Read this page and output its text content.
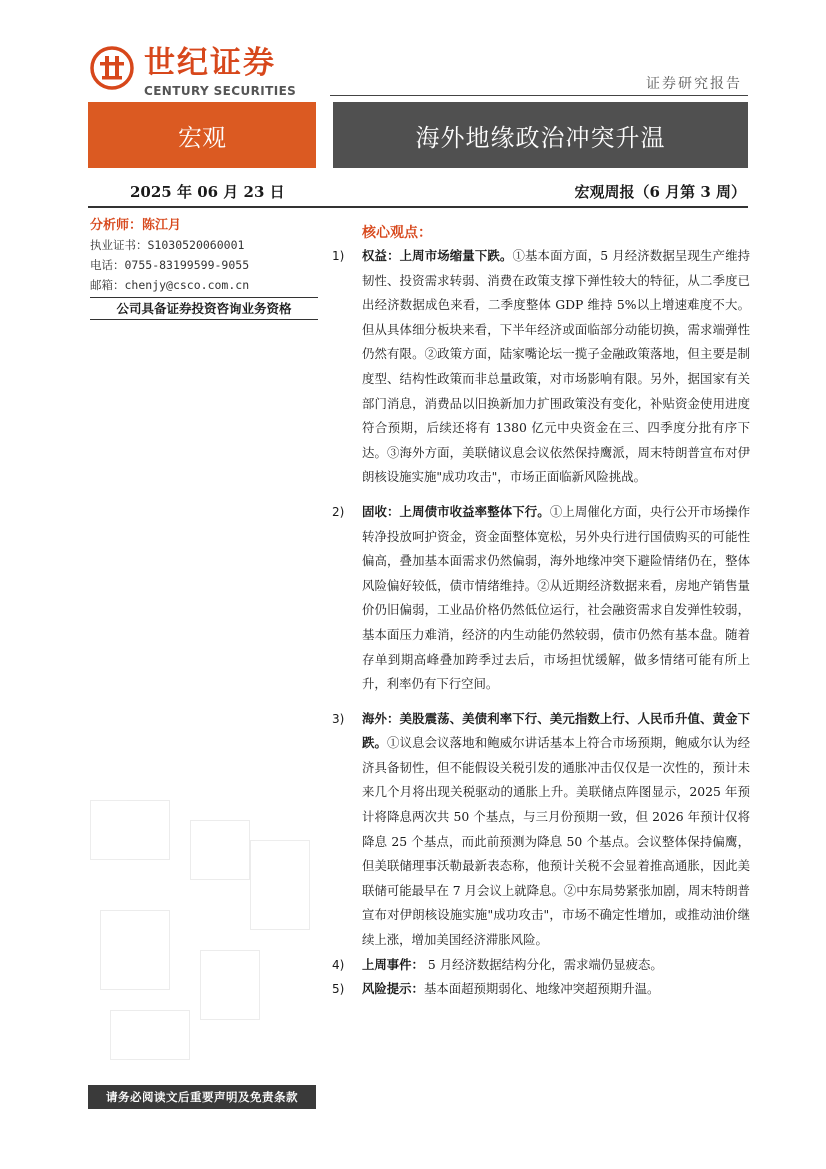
世纪证券
CENTURY SECURITIES	证券研究报告
宏观	海外地缘政治冲突升温
2025 年 06 月 23 日	宏观周报（6 月第 3 周）
分析师：陈江月
执业证书：S1030520060001
电话：0755-83199599-9055
邮箱：chenjy@csco.com.cn
公司具备证券投资咨询业务资格
请务必阅读文后重要声明及免责条款
核心观点：
1) 权益：上周市场缩量下跌。①基本面方面，5 月经济数据呈现生产维持韧性、投资需求转弱、消费在政策支撑下弹性较大的特征，从二季度已出经济数据成色来看，二季度整体 GDP 维持 5%以上增速难度不大。但从具体细分板块来看，下半年经济或面临部分动能切换，需求端弹性仍然有限。②政策方面，陆家嘴论坛一揽子金融政策落地，但主要是制度型、结构性政策而非总量政策，对市场影响有限。另外，据国家有关部门消息，消费品以旧换新加力扩围政策没有变化，补贴资金使用进度符合预期，后续还将有 1380 亿元中央资金在三、四季度分批有序下达。③海外方面，美联储议息会议依然保持鹰派，周末特朗普宣布对伊朗核设施实施"成功攻击"，市场正面临新风险挑战。
2) 固收：上周债市收益率整体下行。①上周催化方面，央行公开市场操作转净投放呵护资金，资金面整体宽松，另外央行进行国债购买的可能性偏高，叠加基本面需求仍然偏弱，海外地缘冲突下避险情绪仍在，整体风险偏好较低，债市情绪维持。②从近期经济数据来看，房地产销售量价仍旧偏弱，工业品价格仍然低位运行，社会融资需求自发弹性较弱，基本面压力难消，经济的内生动能仍然较弱，债市仍然有基本盘。随着存单到期高峰叠加跨季过去后，市场担忧缓解，做多情绪可能有所上升，利率仍有下行空间。
3) 海外：美股震荡、美债利率下行、美元指数上行、人民币升值、黄金下跌。①议息会议落地和鲍威尔讲话基本上符合市场预期，鲍威尔认为经济具备韧性，但不能假设关税引发的通胀冲击仅仅是一次性的，预计未来几个月将出现关税驱动的通胀上升。美联储点阵图显示，2025 年预计将降息两次共 50 个基点，与三月份预期一致，但 2026 年预计仅将降息 25 个基点，而此前预测为降息 50 个基点。会议整体保持偏鹰，但美联储理事沃勒最新表态称，他预计关税不会显着推高通胀，因此美联储可能最早在 7 月会议上就降息。②中东局势紧张加剧，周末特朗普宣布对伊朗核设施实施"成功攻击"，市场不确定性增加，或推动油价继续上涨，增加美国经济滞胀风险。
4) 上周事件： 5 月经济数据结构分化，需求端仍显疲态。
5) 风险提示：基本面超预期弱化、地缘冲突超预期升温。
